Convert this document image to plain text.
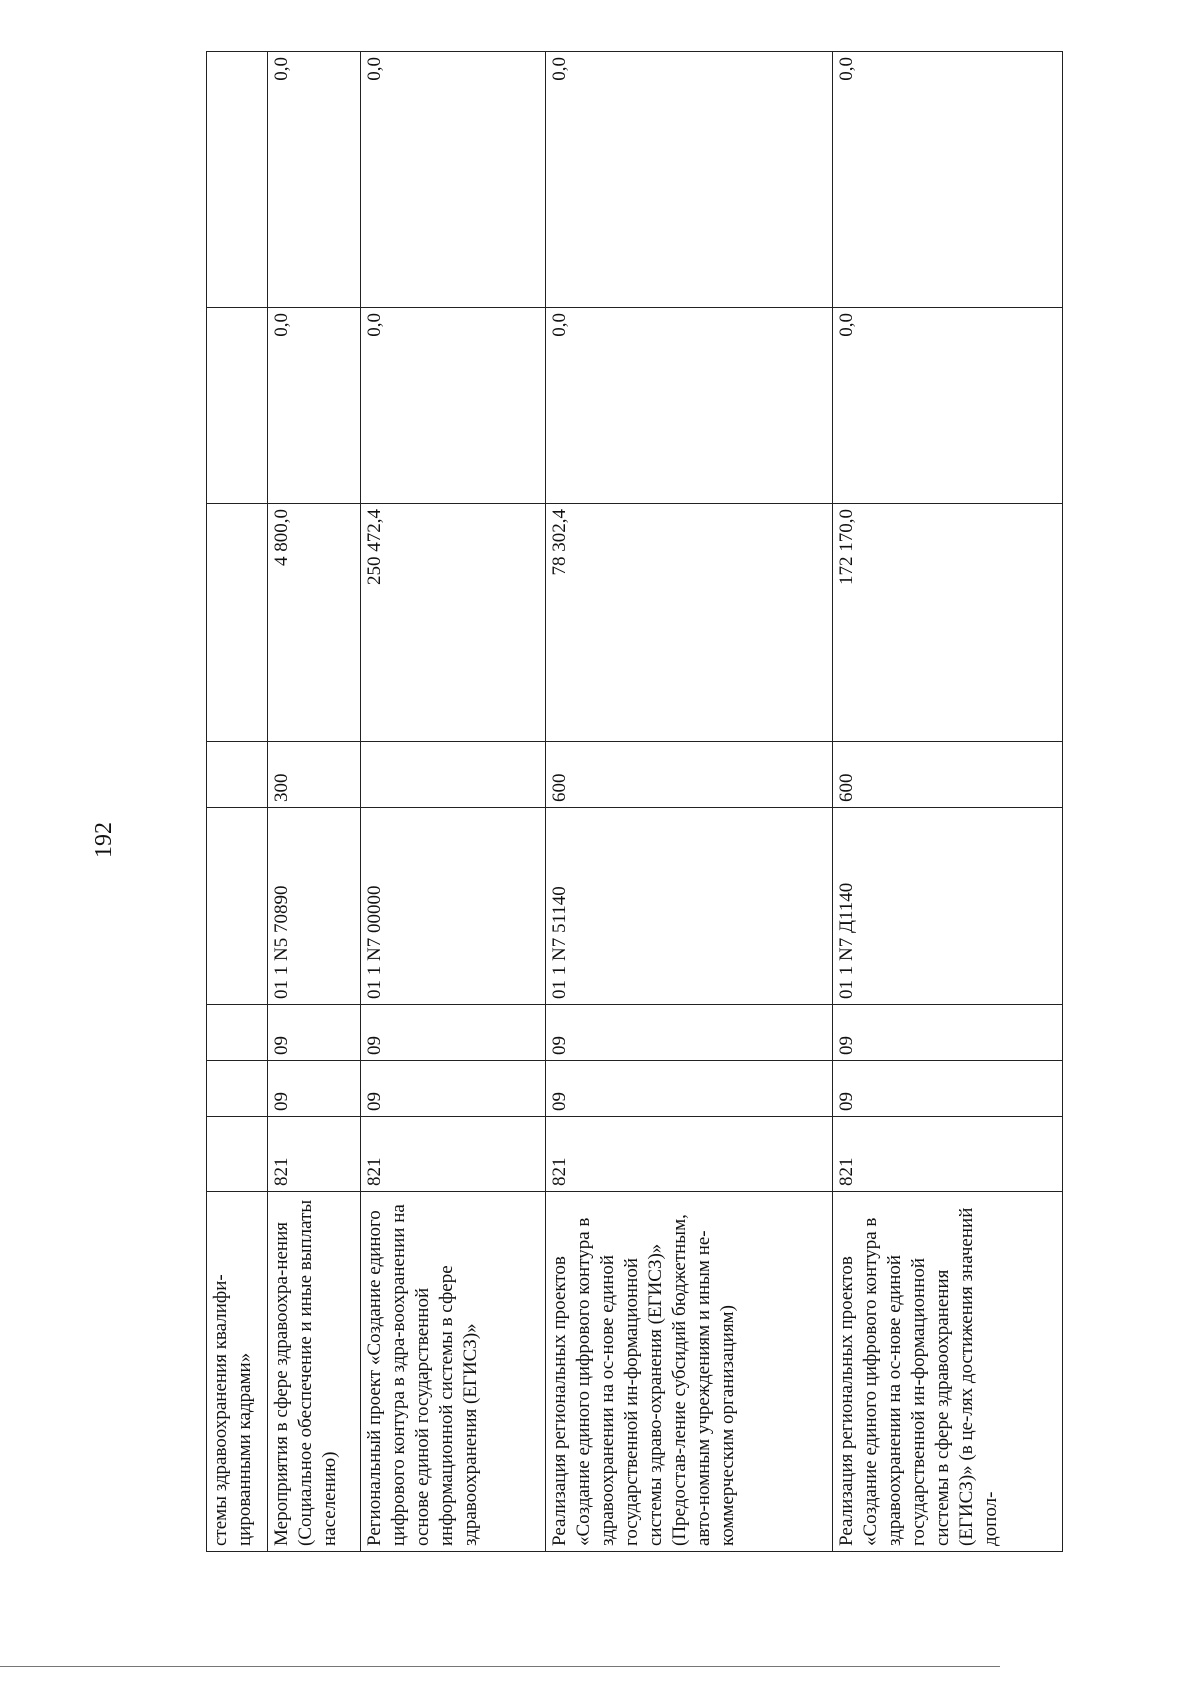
192
стемы здравоохранения квалифи-цированными кадрами»								
Мероприятия в сфере здравоохра-нения (Социальное обеспечение и иные выплаты населению)	821	09	09	01 1 N5 70890	300	4 800,0	0,0	0,0
Региональный проект «Создание единого цифрового контура в здра-воохранении на основе единой государственной информационной системы в сфере здравоохранения (ЕГИСЗ)»	821	09	09	01 1 N7 00000		250 472,4	0,0	0,0
Реализация региональных проектов «Создание единого цифрового контура в здравоохранении на ос-нове единой государственной ин-формационной системы здраво-охранения (ЕГИСЗ)» (Предостав-ление субсидий бюджетным, авто-номным учреждениям и иным не-коммерческим организациям)	821	09	09	01 1 N7 51140	600	78 302,4	0,0	0,0
Реализация региональных проектов «Создание единого цифрового контура в здравоохранении на ос-нове единой государственной ин-формационной системы в сфере здравоохранения (ЕГИСЗ)» (в це-лях достижения значений допол-	821	09	09	01 1 N7 Д1140	600	172 170,0	0,0	0,0
